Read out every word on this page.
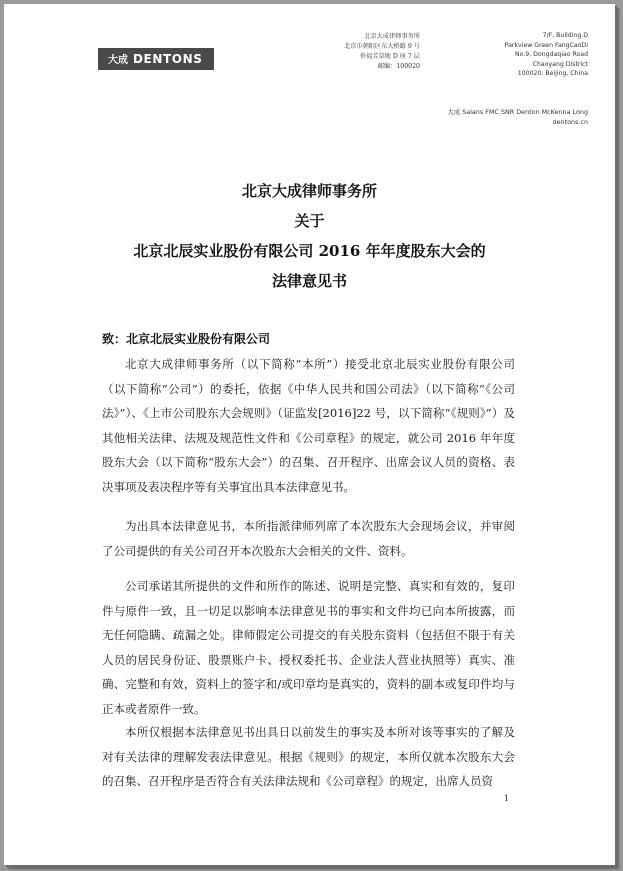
大成 DENTONS
北京大成律师事务所
北京市朝阳区东大桥路 9 号
侨福芳草地 D 座 7 层
邮编：100020
7/F, Building D
Parkview Green FangCaoDi
No.9, Dongdaqiao Road
Chaoyang District
100020, Beijing, China
大成 Salans FMC SNR Denton McKenna Long
dentons.cn
北京大成律师事务所
关于
北京北辰实业股份有限公司 2016 年年度股东大会的
法律意见书
致：北京北辰实业股份有限公司

北京大成律师事务所（以下简称“本所”）接受北京北辰实业股份有限公司（以下简称“公司”）的委托，依据《中华人民共和国公司法》（以下简称“《公司法》”）、《上市公司股东大会规则》（证监发[2016]22 号，以下简称“《规则》”）及其他相关法律、法规及规范性文件和《公司章程》的规定，就公司 2016 年年度股东大会（以下简称“股东大会”）的召集、召开程序、出席会议人员的资格、表决事项及表决程序等有关事宜出具本法律意见书。

为出具本法律意见书，本所指派律师列席了本次股东大会现场会议，并审阅了公司提供的有关公司召开本次股东大会相关的文件、资料。

公司承诺其所提供的文件和所作的陈述、说明是完整、真实和有效的，复印件与原件一致，且一切足以影响本法律意见书的事实和文件均已向本所披露，而无任何隐瞒、疏漏之处。律师假定公司提交的有关股东资料（包括但不限于有关人员的居民身份证、股票账户卡、授权委托书、企业法人营业执照等）真实、准确、完整和有效，资料上的签字和/或印章均是真实的，资料的副本或复印件均与正本或者原件一致。

本所仅根据本法律意见书出具日以前发生的事实及本所对该等事实的了解及对有关法律的理解发表法律意见。根据《规则》的规定，本所仅就本次股东大会的召集、召开程序是否符合有关法律法规和《公司章程》的规定，出席人员资

1
